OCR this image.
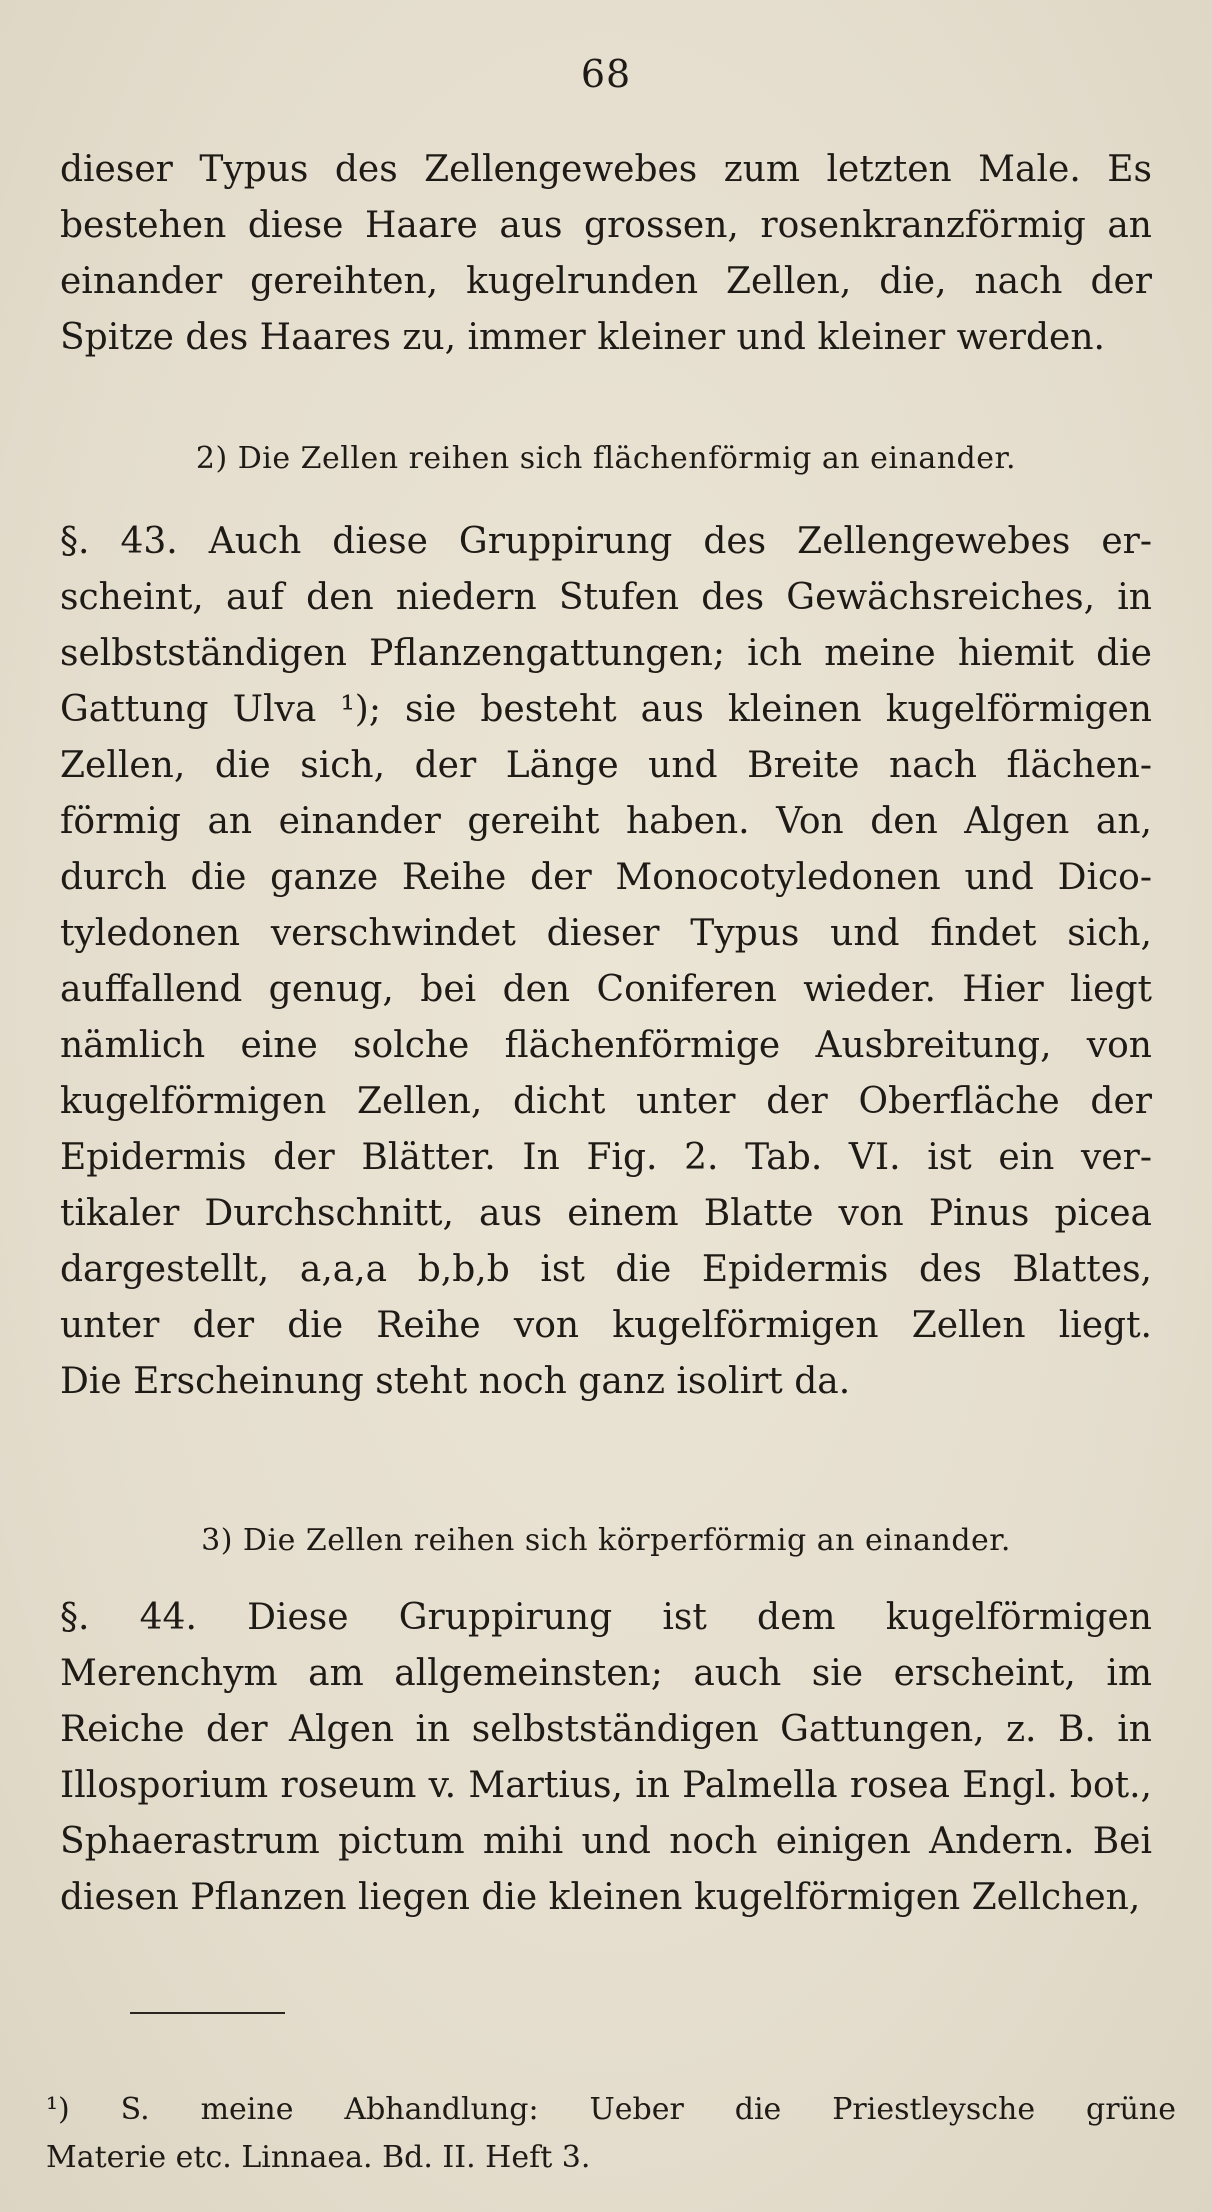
68
dieser Typus des Zellengewebes zum letzten Male. Es
bestehen diese Haare aus grossen, rosenkranzförmig an
einander gereihten, kugelrunden Zellen, die, nach der
Spitze des Haares zu, immer kleiner und kleiner werden.
2) Die Zellen reihen sich flächenförmig an einander.
§. 43. Auch diese Gruppirung des Zellengewebes er-
scheint, auf den niedern Stufen des Gewächsreiches, in
selbstständigen Pflanzengattungen; ich meine hiemit die
Gattung Ulva ¹); sie besteht aus kleinen kugelförmigen
Zellen, die sich, der Länge und Breite nach flächen-
förmig an einander gereiht haben. Von den Algen an,
durch die ganze Reihe der Monocotyledonen und Dico-
tyledonen verschwindet dieser Typus und findet sich,
auffallend genug, bei den Coniferen wieder. Hier liegt
nämlich eine solche flächenförmige Ausbreitung, von
kugelförmigen Zellen, dicht unter der Oberfläche der
Epidermis der Blätter. In Fig. 2. Tab. VI. ist ein ver-
tikaler Durchschnitt, aus einem Blatte von Pinus picea
dargestellt, a,a,a b,b,b ist die Epidermis des Blattes,
unter der die Reihe von kugelförmigen Zellen liegt.
Die Erscheinung steht noch ganz isolirt da.
3) Die Zellen reihen sich körperförmig an einander.
§. 44. Diese Gruppirung ist dem kugelförmigen
Merenchym am allgemeinsten; auch sie erscheint, im
Reiche der Algen in selbstständigen Gattungen, z. B. in
Illosporium roseum v. Martius, in Palmella rosea Engl. bot.,
Sphaerastrum pictum mihi und noch einigen Andern. Bei
diesen Pflanzen liegen die kleinen kugelförmigen Zellchen,
¹) S. meine Abhandlung: Ueber die Priestleysche grüne
Materie etc. Linnaea. Bd. II. Heft 3.
